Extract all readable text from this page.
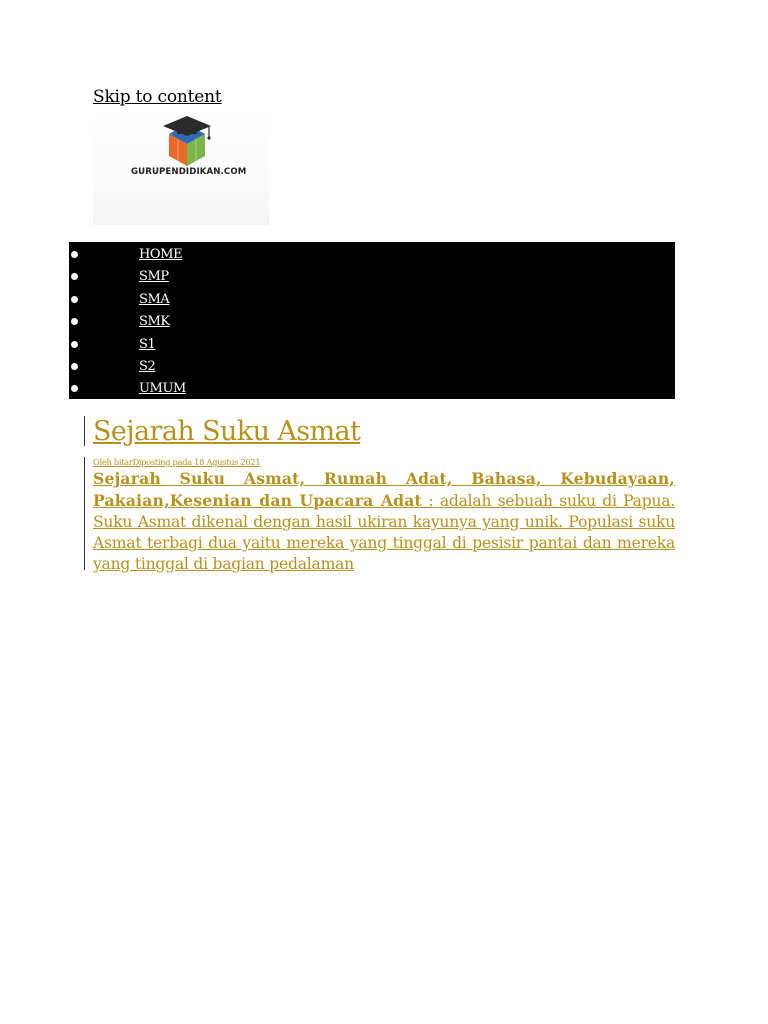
Skip to content
GURUPENDIDIKAN.COM
HOME
SMP
SMA
SMK
S1
S2
UMUM
Sejarah Suku Asmat
Oleh bitarDiposting pada 18 Agustus 2021
Sejarah Suku Asmat, Rumah Adat, Bahasa, Kebudayaan, Pakaian,Kesenian dan Upacara Adat : adalah sebuah suku di Papua. Suku Asmat dikenal dengan hasil ukiran kayunya yang unik. Populasi suku Asmat terbagi dua yaitu mereka yang tinggal di pesisir pantai dan mereka yang tinggal di bagian pedalaman
